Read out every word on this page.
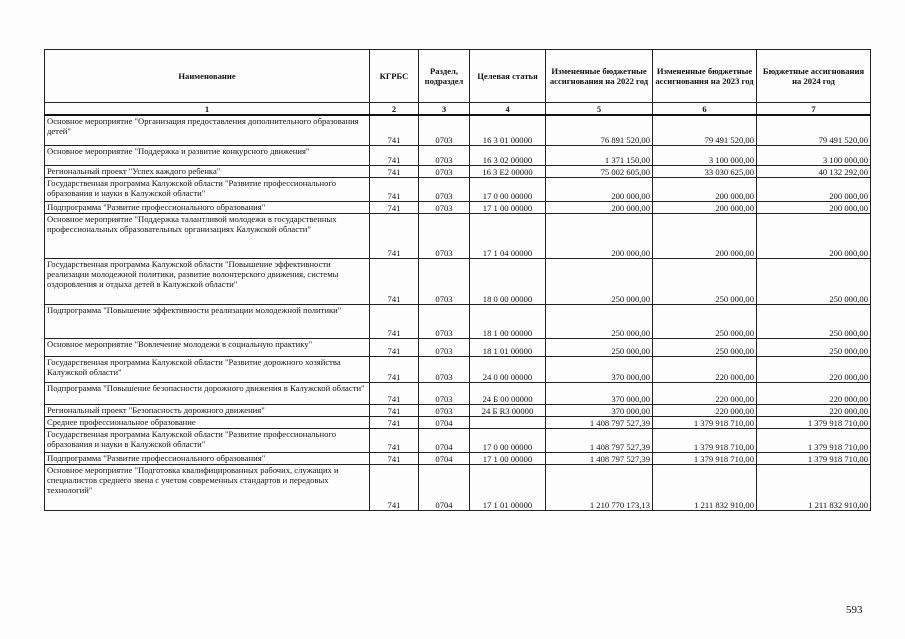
Наименование	КГРБС	Раздел, подраздел	Целевая статья	Измененные бюджетные ассигнования на 2022 год	Измененные бюджетные ассигнования на 2023 год	Бюджетные ассигнования на 2024 год
1	2	3	4	5	6	7
Основное мероприятие "Организация предоставления дополнительного образования детей"	741	0703	16 3 01 00000	76 891 520,00	79 491 520,00	79 491 520,00
Основное мероприятие "Поддержка и развитие конкурсного движения"	741	0703	16 3 02 00000	1 371 150,00	3 100 000,00	3 100 000,00
Региональный проект "Успех каждого ребенка"	741	0703	16 3 E2 00000	75 002 605,00	33 030 625,00	40 132 292,00
Государственная программа Калужской области "Развитие профессионального образования и науки в Калужской области"	741	0703	17 0 00 00000	200 000,00	200 000,00	200 000,00
Подпрограмма "Развитие профессионального образования"	741	0703	17 1 00 00000	200 000,00	200 000,00	200 000,00
Основное мероприятие "Поддержка талантливой молодежи в государственных профессиональных образовательных организациях Калужской области"	741	0703	17 1 04 00000	200 000,00	200 000,00	200 000,00
Государственная программа Калужской области "Повышение эффективности реализации молодежной политики, развитие волонтерского движения, системы оздоровления и отдыха детей в Калужской области"	741	0703	18 0 00 00000	250 000,00	250 000,00	250 000,00
Подпрограмма "Повышение эффективности реализации молодежной политики"	741	0703	18 1 00 00000	250 000,00	250 000,00	250 000,00
Основное мероприятие "Вовлечение молодежи в социальную практику"	741	0703	18 1 01 00000	250 000,00	250 000,00	250 000,00
Государственная программа Калужской области "Развитие дорожного хозяйства Калужской области"	741	0703	24 0 00 00000	370 000,00	220 000,00	220 000,00
Подпрограмма "Повышение безопасности дорожного движения в Калужской области"	741	0703	24 Б 00 00000	370 000,00	220 000,00	220 000,00
Региональный проект "Безопасность дорожного движения"	741	0703	24 Б R3 00000	370 000,00	220 000,00	220 000,00
Среднее профессиональное образование	741	0704		1 408 797 527,39	1 379 918 710,00	1 379 918 710,00
Государственная программа Калужской области "Развитие профессионального образования и науки в Калужской области"	741	0704	17 0 00 00000	1 408 797 527,39	1 379 918 710,00	1 379 918 710,00
Подпрограмма "Развитие профессионального образования"	741	0704	17 1 00 00000	1 408 797 527,39	1 379 918 710,00	1 379 918 710,00
Основное мероприятие "Подготовка квалифицированных рабочих, служащих и специалистов среднего звена с учетом современных стандартов и передовых технологий"	741	0704	17 1 01 00000	1 210 770 173,13	1 211 832 910,00	1 211 832 910,00
593
